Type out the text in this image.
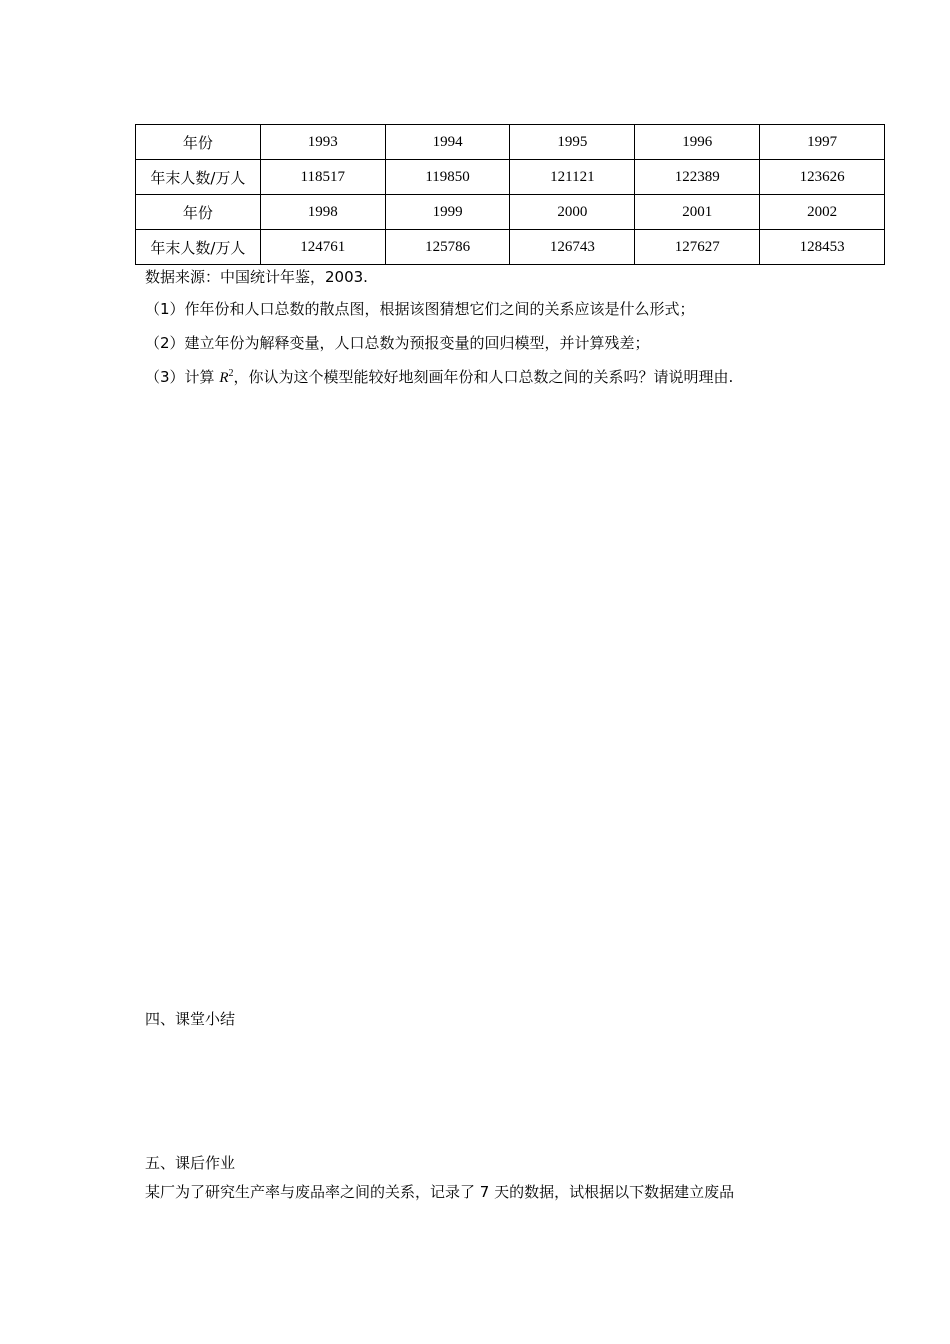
年份	1993	1994	1995	1996	1997
年末人数/万人	118517	119850	121121	122389	123626
年份	1998	1999	2000	2001	2002
年末人数/万人	124761	125786	126743	127627	128453
数据来源：中国统计年鉴，2003.
（1）作年份和人口总数的散点图，根据该图猜想它们之间的关系应该是什么形式；
（2）建立年份为解释变量，人口总数为预报变量的回归模型，并计算残差；
（3）计算 $R^2$，你认为这个模型能较好地刻画年份和人口总数之间的关系吗？请说明理由.
四、课堂小结
五、课后作业
某厂为了研究生产率与废品率之间的关系，记录了 7 天的数据，试根据以下数据建立废品
